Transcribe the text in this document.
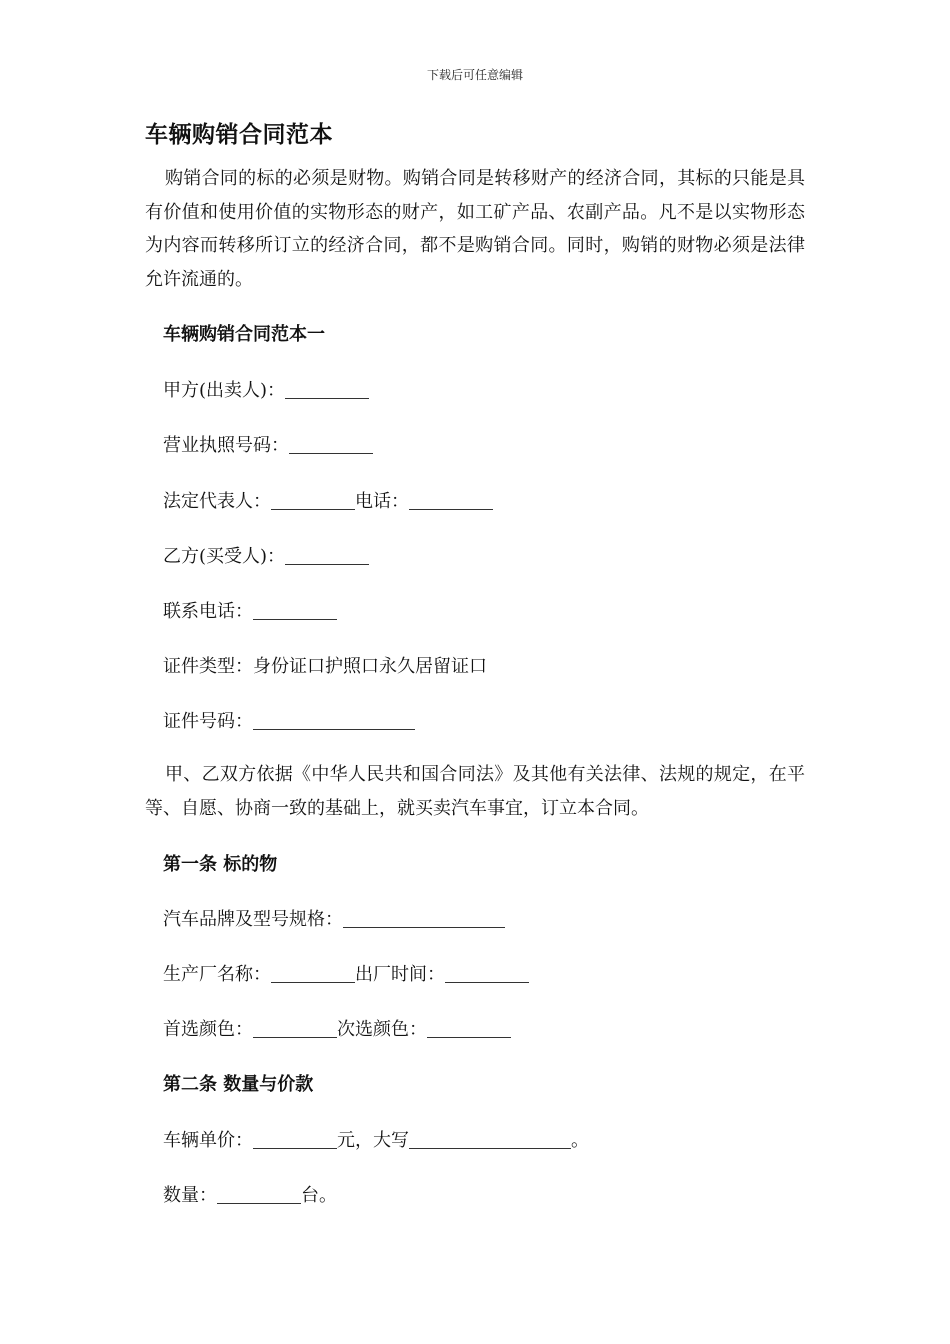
下载后可任意编辑
车辆购销合同范本
购销合同的标的必须是财物。购销合同是转移财产的经济合同，其标的只能是具有价值和使用价值的实物形态的财产，如工矿产品、农副产品。凡不是以实物形态为内容而转移所订立的经济合同，都不是购销合同。同时，购销的财物必须是法律允许流通的。
车辆购销合同范本一
甲方(出卖人)：
营业执照号码：
法定代表人：	电话：
乙方(买受人)：
联系电话：
证件类型：身份证口护照口永久居留证口
证件号码：
甲、乙双方依据《中华人民共和国合同法》及其他有关法律、法规的规定，在平等、自愿、协商一致的基础上，就买卖汽车事宜，订立本合同。
第一条 标的物
汽车品牌及型号规格：
生产厂名称：	出厂时间：
首选颜色：	次选颜色：
第二条 数量与价款
车辆单价：	元，大写	。
数量：	台。
